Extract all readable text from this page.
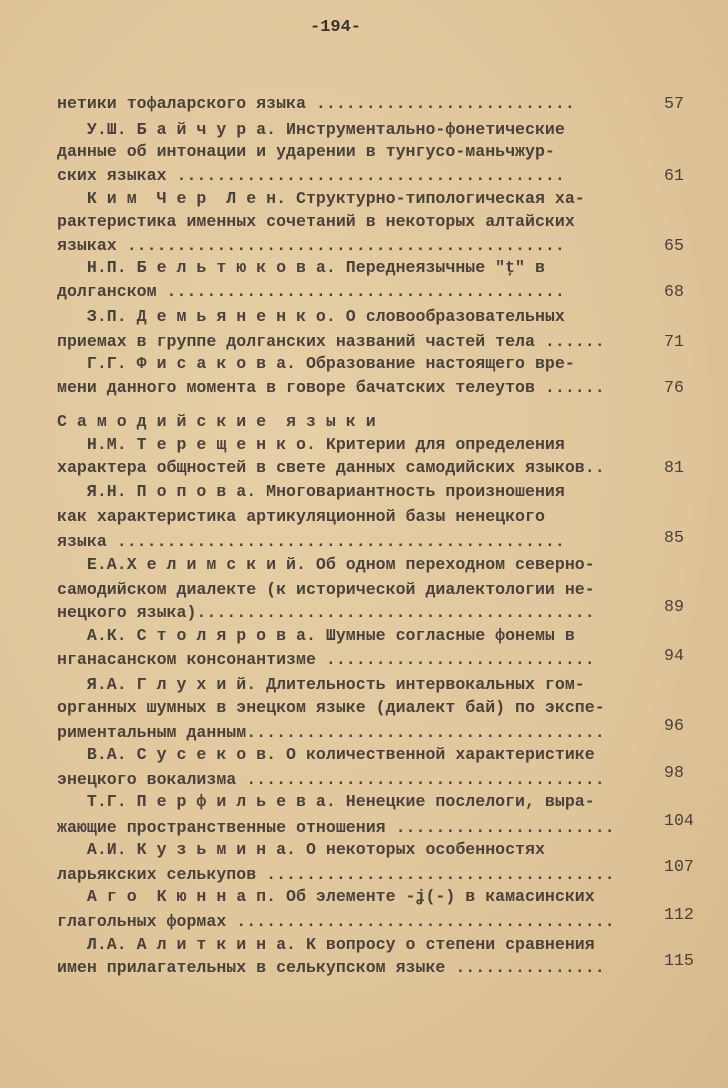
-194-
нетики тофаларского языка ..........................	57
У.Ш. Б а й ч у р а. Инструментально-фонетические
данные об интонации и ударении в тунгусо-маньчжур-
ских языках .......................................	61
К и м  Ч е р  Л е н. Структурно-типологическая ха-
рактеристика именных сочетаний в некоторых алтайских
языках ............................................	65
Н.П. Б е л ь т ю к о в а. Переднеязычные "ţ" в
долганском ........................................	68
З.П. Д е м ь я н е н к о. О словообразовательных
приемах в группе долганских названий частей тела ......	71
Г.Г. Ф и с а к о в а. Образование настоящего вре-
мени данного момента в говоре бачатских телеутов ......	76
С а м о д и й с к и е  я з ы к и
Н.М. Т е р е щ е н к о. Критерии для определения
характера общностей в свете данных самодийских языков..	81
Я.Н. П о п о в а. Многовариантность произношения
как характеристика артикуляционной базы ненецкого
языка .............................................	85
Е.А.Х е л и м с к и й. Об одном переходном северно-
самодийском диалекте (к исторической диалектологии не-
нецкого языка)........................................	89
А.К. С т о л я р о в а. Шумные согласные фонемы в
нганасанском консонантизме ...........................	94
Я.А. Г л у х и й. Длительность интервокальных гом-
органных шумных в энецком языке (диалект бай) по экспе-
риментальным данным....................................	96
В.А. С у с е к о в. О количественной характеристике
энецкого вокализма ....................................	98
Т.Г. П е р ф и л ь е в а. Ненецкие послелоги, выра-
жающие пространственные отношения ......................	104
А.И. К у з ь м и н а. О некоторых особенностях
ларьякских селькупов ...................................	107
А г о  К ю н н а п. Об элементе -ʝ(-) в камасинских
глагольных формах ......................................	112
Л.А. А л и т к и н а. К вопросу о степени сравнения
имен прилагательных в селькупском языке ...............	115
